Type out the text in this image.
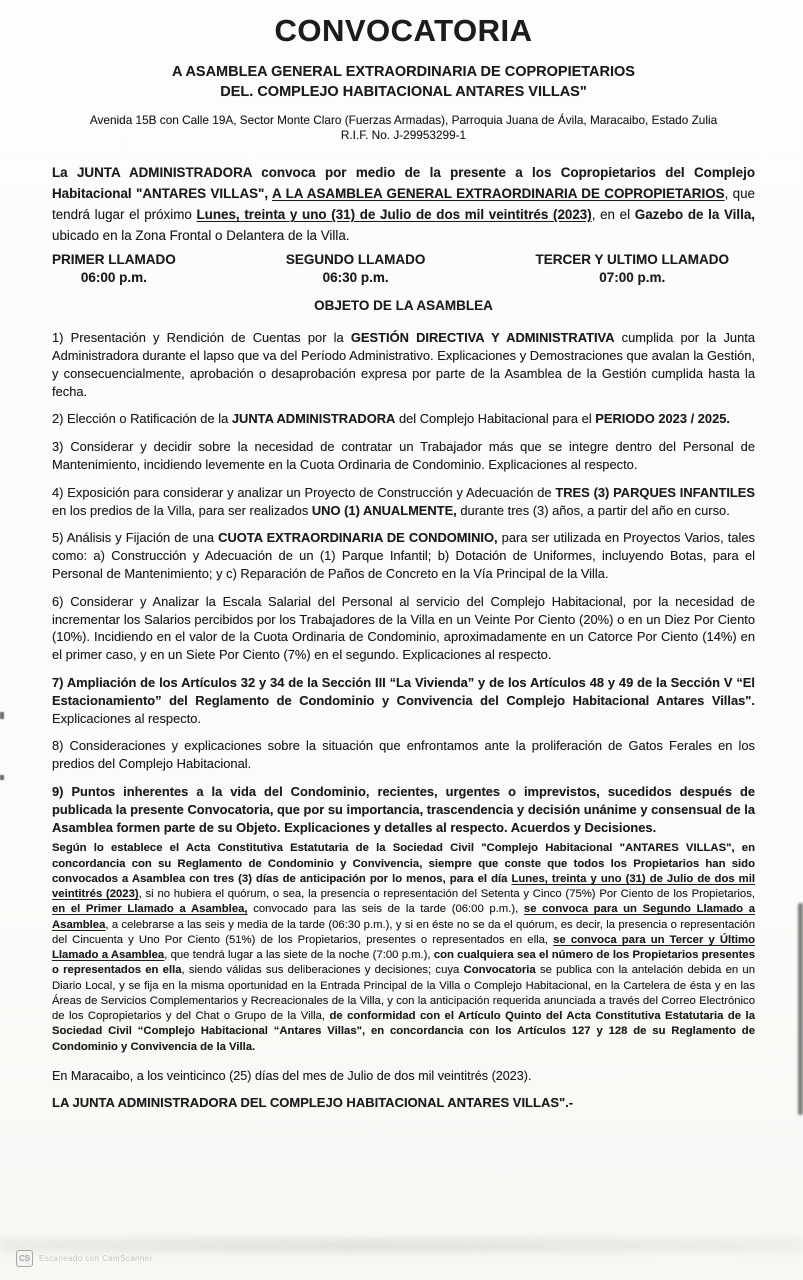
CONVOCATORIA
A ASAMBLEA GENERAL EXTRAORDINARIA DE COPROPIETARIOS
DEL. COMPLEJO HABITACIONAL ANTARES VILLAS"
Avenida 15B con Calle 19A, Sector Monte Claro (Fuerzas Armadas), Parroquia Juana de Ávila, Maracaibo, Estado Zulia
R.I.F. No. J-29953299-1

La JUNTA ADMINISTRADORA convoca por medio de la presente a los Copropietarios del Complejo Habitacional "ANTARES VILLAS", A LA ASAMBLEA GENERAL EXTRAORDINARIA DE COPROPIETARIOS, que tendrá lugar el próximo Lunes, treinta y uno (31) de Julio de dos mil veintitrés (2023), en el Gazebo de la Villa, ubicado en la Zona Frontal o Delantera de la Villa.

PRIMER LLAMADO
06:00 p.m.
SEGUNDO LLAMADO
06:30 p.m.
TERCER Y ULTIMO LLAMADO
07:00 p.m.
OBJETO DE LA ASAMBLEA

1) Presentación y Rendición de Cuentas por la GESTIÓN DIRECTIVA Y ADMINISTRATIVA cumplida por la Junta Administradora durante el lapso que va del Período Administrativo. Explicaciones y Demostraciones que avalan la Gestión, y consecuencialmente, aprobación o desaprobación expresa por parte de la Asamblea de la Gestión cumplida hasta la fecha.

2) Elección o Ratificación de la JUNTA ADMINISTRADORA del Complejo Habitacional para el PERIODO 2023 / 2025.

3) Considerar y decidir sobre la necesidad de contratar un Trabajador más que se integre dentro del Personal de Mantenimiento, incidiendo levemente en la Cuota Ordinaria de Condominio. Explicaciones al respecto.

4) Exposición para considerar y analizar un Proyecto de Construcción y Adecuación de TRES (3) PARQUES INFANTILES en los predios de la Villa, para ser realizados UNO (1) ANUALMENTE, durante tres (3) años, a partir del año en curso.

5) Análisis y Fijación de una CUOTA EXTRAORDINARIA DE CONDOMINIO, para ser utilizada en Proyectos Varios, tales como: a) Construcción y Adecuación de un (1) Parque Infantil; b) Dotación de Uniformes, incluyendo Botas, para el Personal de Mantenimiento; y c) Reparación de Paños de Concreto en la Vía Principal de la Villa.

6) Considerar y Analizar la Escala Salarial del Personal al servicio del Complejo Habitacional, por la necesidad de incrementar los Salarios percibidos por los Trabajadores de la Villa en un Veinte Por Ciento (20%) o en un Diez Por Ciento (10%). Incidiendo en el valor de la Cuota Ordinaria de Condominio, aproximadamente en un Catorce Por Ciento (14%) en el primer caso, y en un Siete Por Ciento (7%) en el segundo. Explicaciones al respecto.

7) Ampliación de los Artículos 32 y 34 de la Sección III “La Vivienda” y de los Artículos 48 y 49 de la Sección V “El Estacionamiento” del Reglamento de Condominio y Convivencia del Complejo Habitacional Antares Villas". Explicaciones al respecto.

8) Consideraciones y explicaciones sobre la situación que enfrontamos ante la proliferación de Gatos Ferales en los predios del Complejo Habitacional.

9) Puntos inherentes a la vida del Condominio, recientes, urgentes o imprevistos, sucedidos después de publicada la presente Convocatoria, que por su importancia, trascendencia y decisión unánime y consensual de la Asamblea formen parte de su Objeto. Explicaciones y detalles al respecto. Acuerdos y Decisiones.

Según lo establece el Acta Constitutiva Estatutaria de la Sociedad Civil "Complejo Habitacional "ANTARES VILLAS", en concordancia con su Reglamento de Condominio y Convivencia, siempre que conste que todos los Propietarios han sido convocados a Asamblea con tres (3) días de anticipación por lo menos, para el día Lunes, treinta y uno (31) de Julio de dos mil veintitrés (2023), si no hubiera el quórum, o sea, la presencia o representación del Setenta y Cinco (75%) Por Ciento de los Propietarios, en el Primer Llamado a Asamblea, convocado para las seis de la tarde (06:00 p.m.), se convoca para un Segundo Llamado a Asamblea, a celebrarse a las seis y media de la tarde (06:30 p.m.), y si en éste no se da el quórum, es decir, la presencia o representación del Cincuenta y Uno Por Ciento (51%) de los Propietarios, presentes o representados en ella, se convoca para un Tercer y Último Llamado a Asamblea, que tendrá lugar a las siete de la noche (7:00 p.m.), con cualquiera sea el número de los Propietarios presentes o representados en ella, siendo válidas sus deliberaciones y decisiones; cuya Convocatoria se publica con la antelación debida en un Diario Local, y se fija en la misma oportunidad en la Entrada Principal de la Villa o Complejo Habitacional, en la Cartelera de ésta y en las Áreas de Servicios Complementarios y Recreacionales de la Villa, y con la anticipación requerida anunciada a través del Correo Electrónico de los Copropietarios y del Chat o Grupo de la Villa, de conformidad con el Artículo Quinto del Acta Constitutiva Estatutaria de la Sociedad Civil “Complejo Habitacional “Antares Villas", en concordancia con los Artículos 127 y 128 de su Reglamento de Condominio y Convivencia de la Villa.

En Maracaibo, a los veinticinco (25) días del mes de Julio de dos mil veintitrés (2023).

LA JUNTA ADMINISTRADORA DEL COMPLEJO HABITACIONAL ANTARES VILLAS".-

CS	Escaneado con CamScanner
